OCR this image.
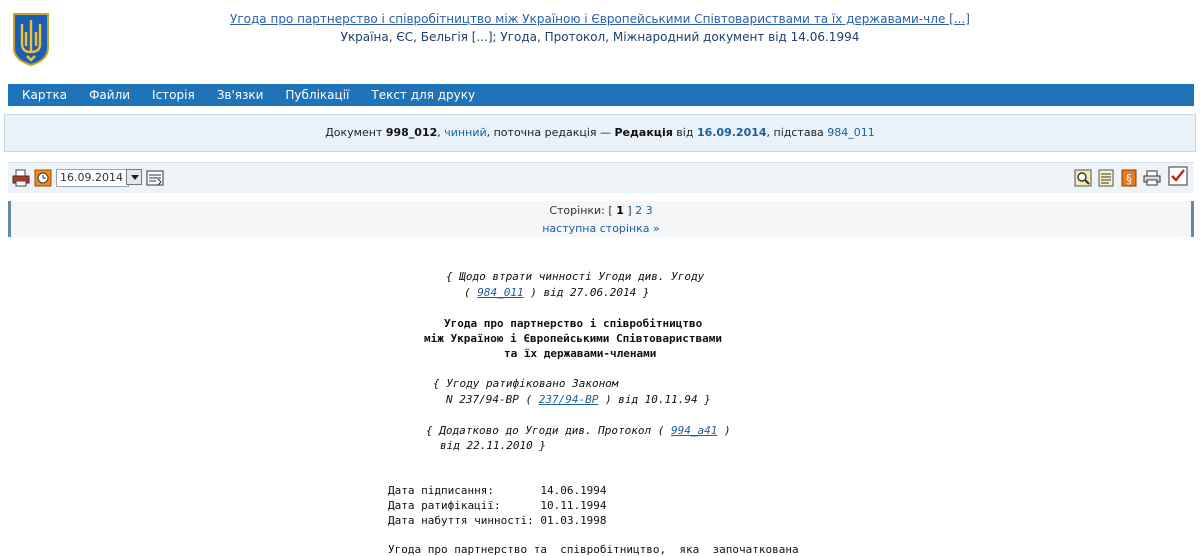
Угода про партнерство і співробітництво між Україною і Європейськими Співтовариствами та їх державами-чле [...]
Україна, ЄС, Бельгія [...]; Угода, Протокол, Міжнародний документ від 14.06.1994
Картка	Файли	Історія	Зв'язки	Публікації	Текст для друку
Документ 998_012, чинний, поточна редакція — Редакція від 16.09.2014, підстава 984_011
16.09.2014	§
Сторінки: [ 1 ] 2 3
наступна сторінка »
{ Щодо втрати чинності Угоди див. Угоду
( 984_011 ) від 27.06.2014 }
Угода про партнерство і співробітництво
між Україною і Європейськими Співтовариствами
та їх державами-членами
{ Угоду ратифіковано Законом
N 237/94-ВР ( 237/94-ВР ) від 10.11.94 }
{ Додатково до Угоди див. Протокол ( 994_a41 )
від 22.11.2010 }
Дата підписання:       14.06.1994
Дата ратифікації:      10.11.1994
Дата набуття чинності: 01.03.1998
Угода про партнерство та  співробітництво,  яка  започаткована
